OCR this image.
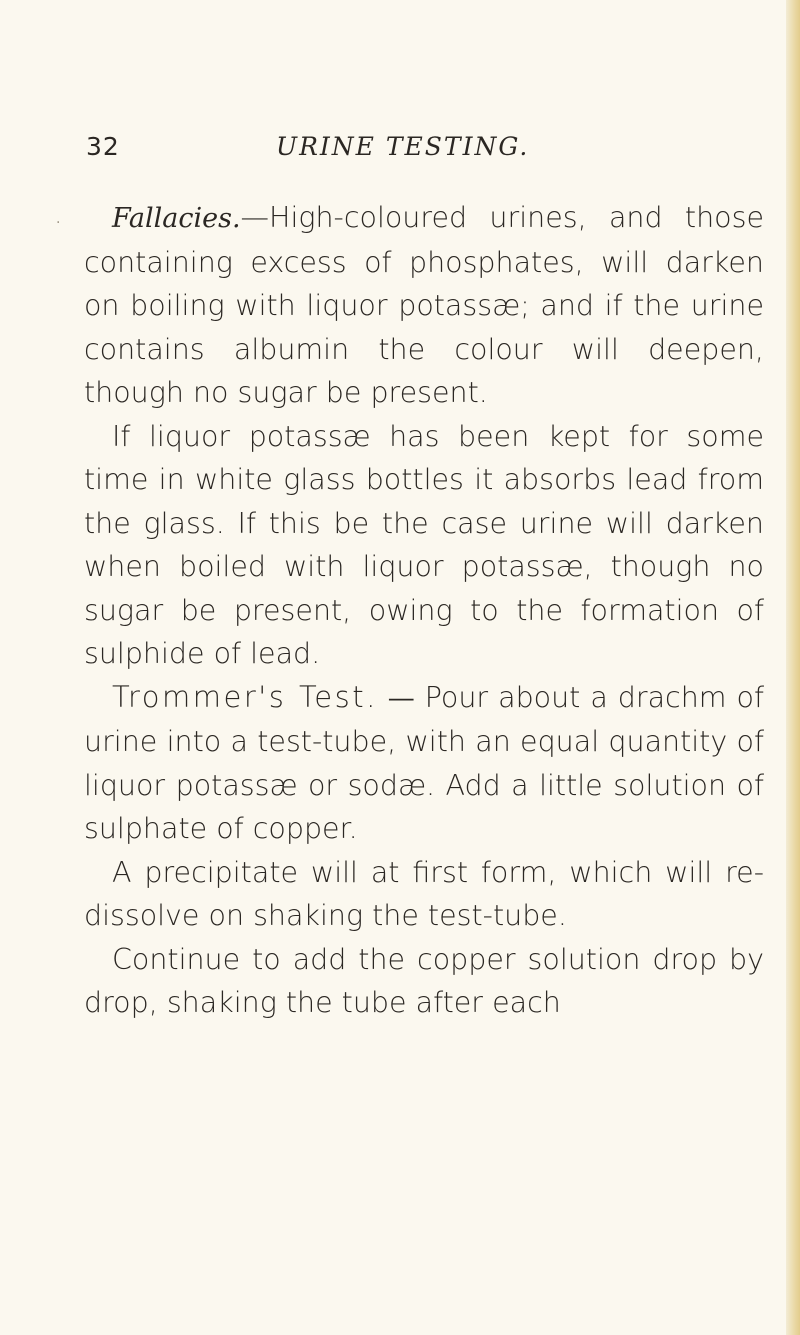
·
32	URINE TESTING.

Fallacies.—High-coloured urines, and those containing excess of phosphates, will darken on boiling with liquor potassæ; and if the urine contains albumin the colour will deepen, though no sugar be present.

If liquor potassæ has been kept for some time in white glass bottles it absorbs lead from the glass. If this be the case urine will darken when boiled with liquor potassæ, though no sugar be present, owing to the formation of sulphide of lead.

Trommer's Test. — Pour about a drachm of urine into a test-tube, with an equal quantity of liquor potassæ or sodæ. Add a little solution of sulphate of copper.

A precipitate will at first form, which will re-dissolve on shaking the test-tube.

Continue to add the copper solution drop by drop, shaking the tube after each
